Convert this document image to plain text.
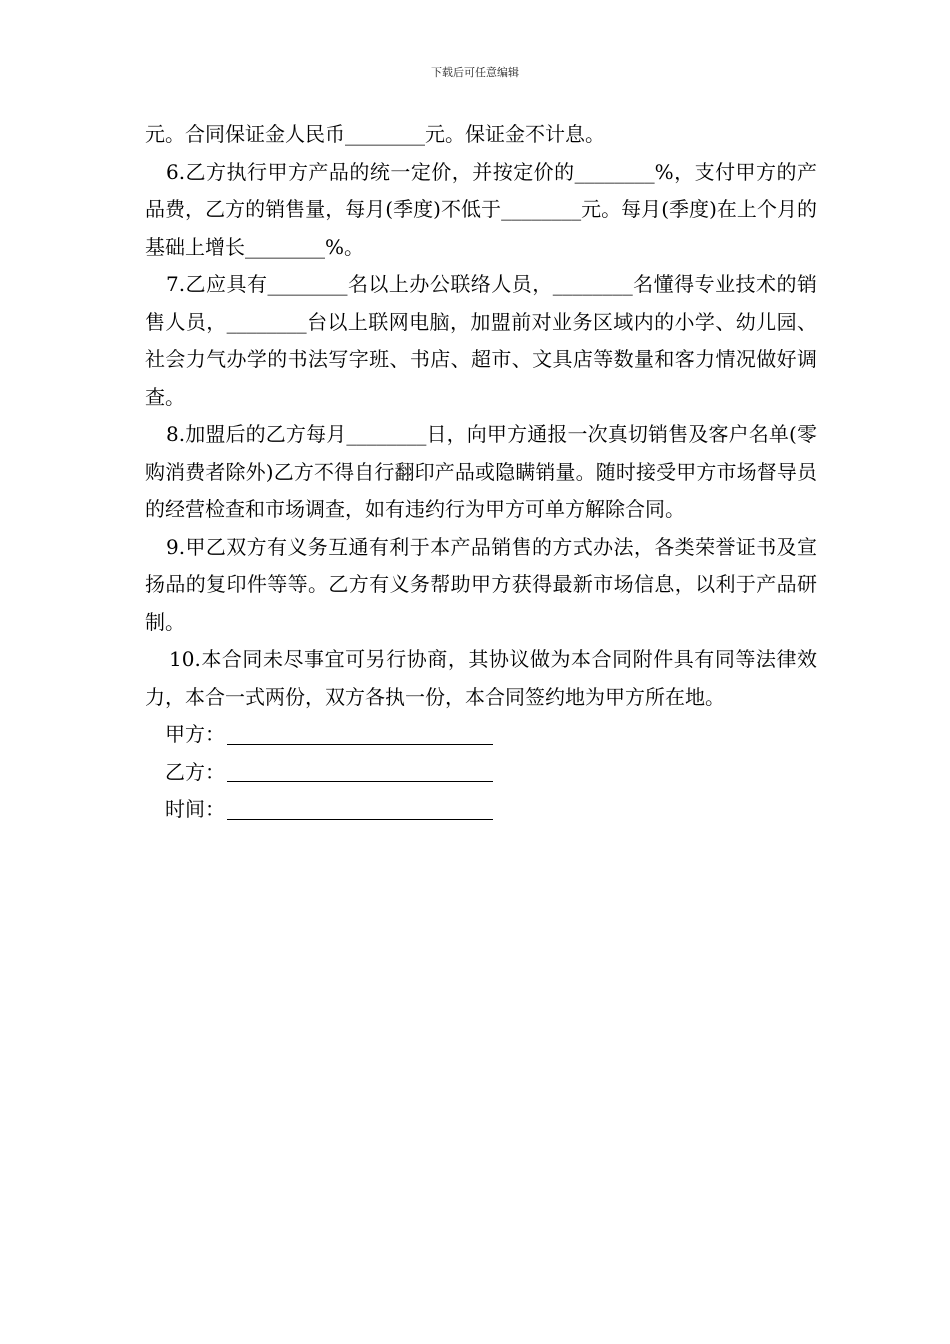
下载后可任意编辑

元。合同保证金人民币________元。保证金不计息。

6.乙方执行甲方产品的统一定价，并按定价的________%，支付甲方的产品费，乙方的销售量，每月(季度)不低于________元。每月(季度)在上个月的基础上增长________%。

7.乙应具有________名以上办公联络人员，________名懂得专业技术的销售人员，________台以上联网电脑，加盟前对业务区域内的小学、幼儿园、社会力气办学的书法写字班、书店、超市、文具店等数量和客力情况做好调查。

8.加盟后的乙方每月________日，向甲方通报一次真切销售及客户名单(零购消费者除外)乙方不得自行翻印产品或隐瞒销量。随时接受甲方市场督导员的经营检查和市场调查，如有违约行为甲方可单方解除合同。

9.甲乙双方有义务互通有利于本产品销售的方式办法，各类荣誉证书及宣扬品的复印件等等。乙方有义务帮助甲方获得最新市场信息，以利于产品研制。

10.本合同未尽事宜可另行协商，其协议做为本合同附件具有同等法律效力，本合一式两份，双方各执一份，本合同签约地为甲方所在地。

甲方：
乙方：
时间：
